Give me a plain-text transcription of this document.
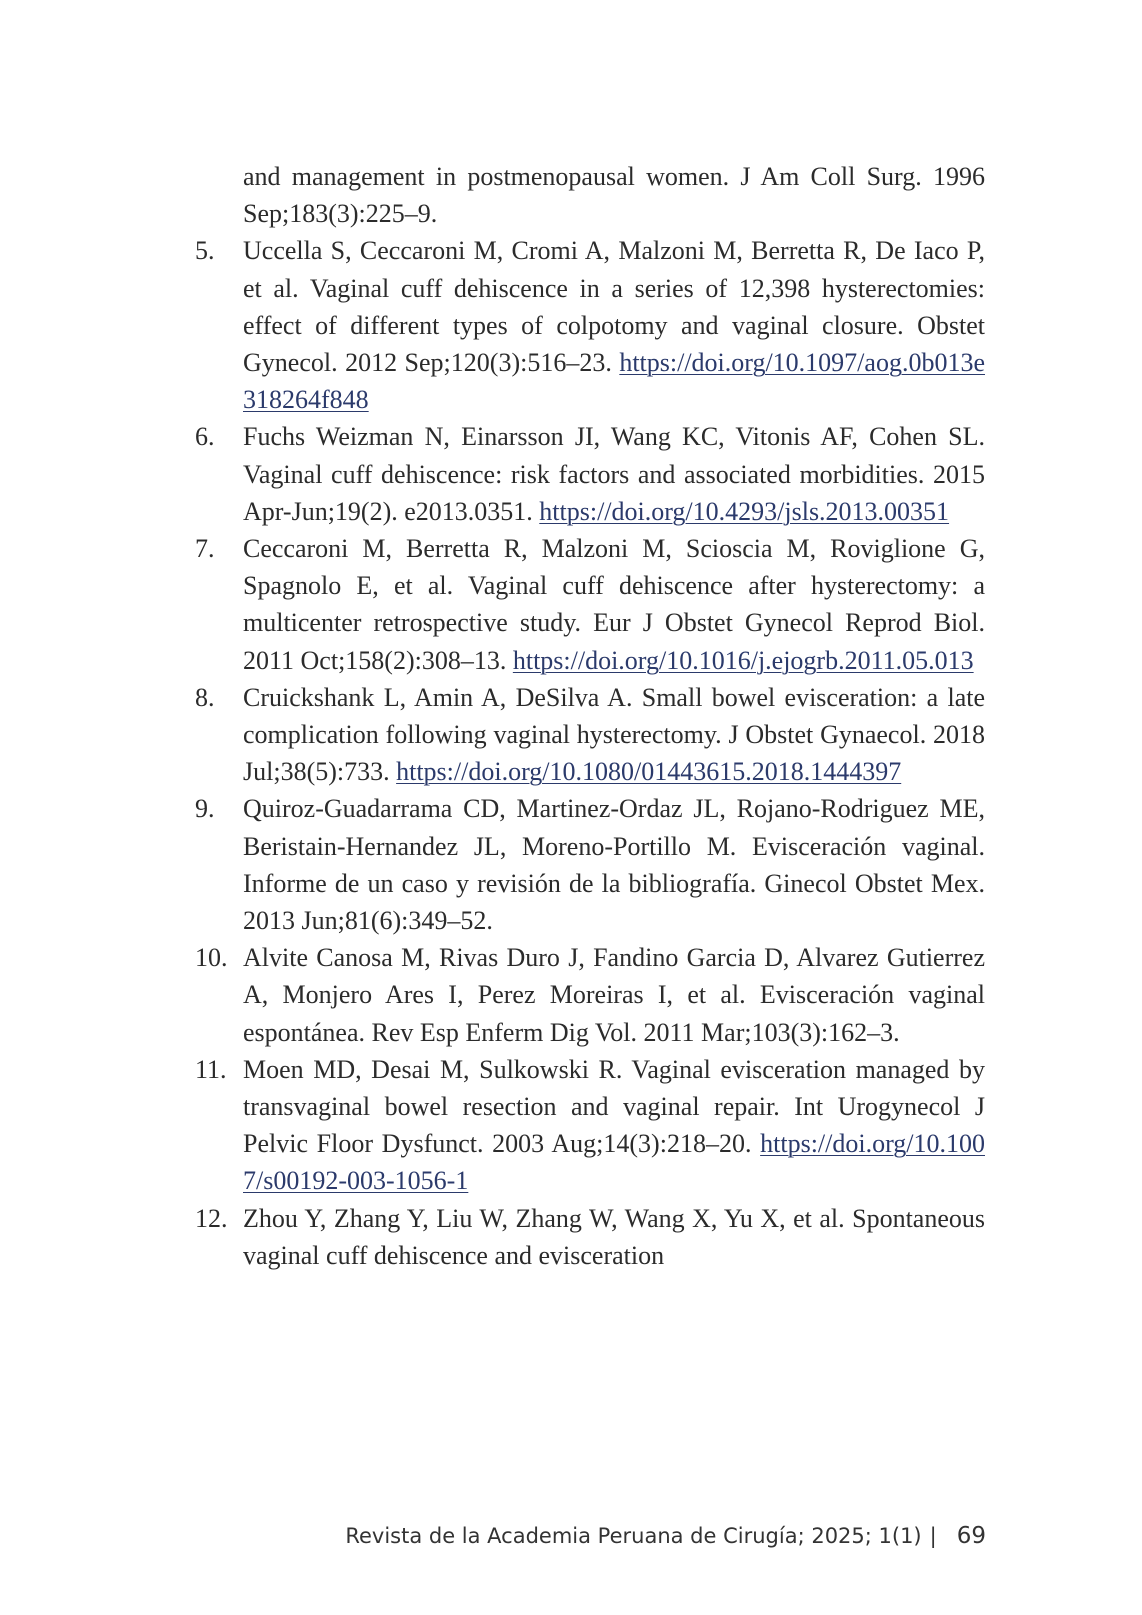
and management in postmenopausal women. J Am Coll Surg. 1996 Sep;183(3):225–9.
5.	Uccella S, Ceccaroni M, Cromi A, Malzoni M, Berretta R, De Iaco P, et al. Vaginal cuff dehiscence in a series of 12,398 hysterectomies: effect of different types of colpotomy and vaginal closure. Obstet Gynecol. 2012 Sep;120(3):516–23. https://doi.org/10.1097/aog.0b013e318264f848
6.	Fuchs Weizman N, Einarsson JI, Wang KC, Vitonis AF, Cohen SL. Vaginal cuff dehiscence: risk factors and associated morbidities. 2015 Apr-Jun;19(2). e2013.0351. https://doi.org/10.4293/jsls.2013.00351
7.	Ceccaroni M, Berretta R, Malzoni M, Scioscia M, Roviglione G, Spagnolo E, et al. Vaginal cuff dehiscence after hysterectomy: a multicenter retrospective study. Eur J Obstet Gynecol Reprod Biol. 2011 Oct;158(2):308–13. https://doi.org/10.1016/j.ejogrb.2011.05.013
8.	Cruickshank L, Amin A, DeSilva A. Small bowel evisceration: a late complication following vaginal hysterectomy. J Obstet Gynaecol. 2018 Jul;38(5):733. https://doi.org/10.1080/01443615.2018.1444397
9.	Quiroz-Guadarrama CD, Martinez-Ordaz JL, Rojano-Rodriguez ME, Beristain-Hernandez JL, Moreno-Portillo M. Evisceración vaginal. Informe de un caso y revisión de la bibliografía. Ginecol Obstet Mex. 2013 Jun;81(6):349–52.
10. Alvite Canosa M, Rivas Duro J, Fandino Garcia D, Alvarez Gutierrez A, Monjero Ares I, Perez Moreiras I, et al. Evisceración vaginal espontánea. Rev Esp Enferm Dig Vol. 2011 Mar;103(3):162–3.
11. Moen MD, Desai M, Sulkowski R. Vaginal evisceration managed by transvaginal bowel resection and vaginal repair. Int Urogynecol J Pelvic Floor Dysfunct. 2003 Aug;14(3):218–20. https://doi.org/10.1007/s00192-003-1056-1
12. Zhou Y, Zhang Y, Liu W, Zhang W, Wang X, Yu X, et al. Spontaneous vaginal cuff dehiscence and evisceration
Revista de la Academia Peruana de Cirugía; 2025; 1(1) | 69
